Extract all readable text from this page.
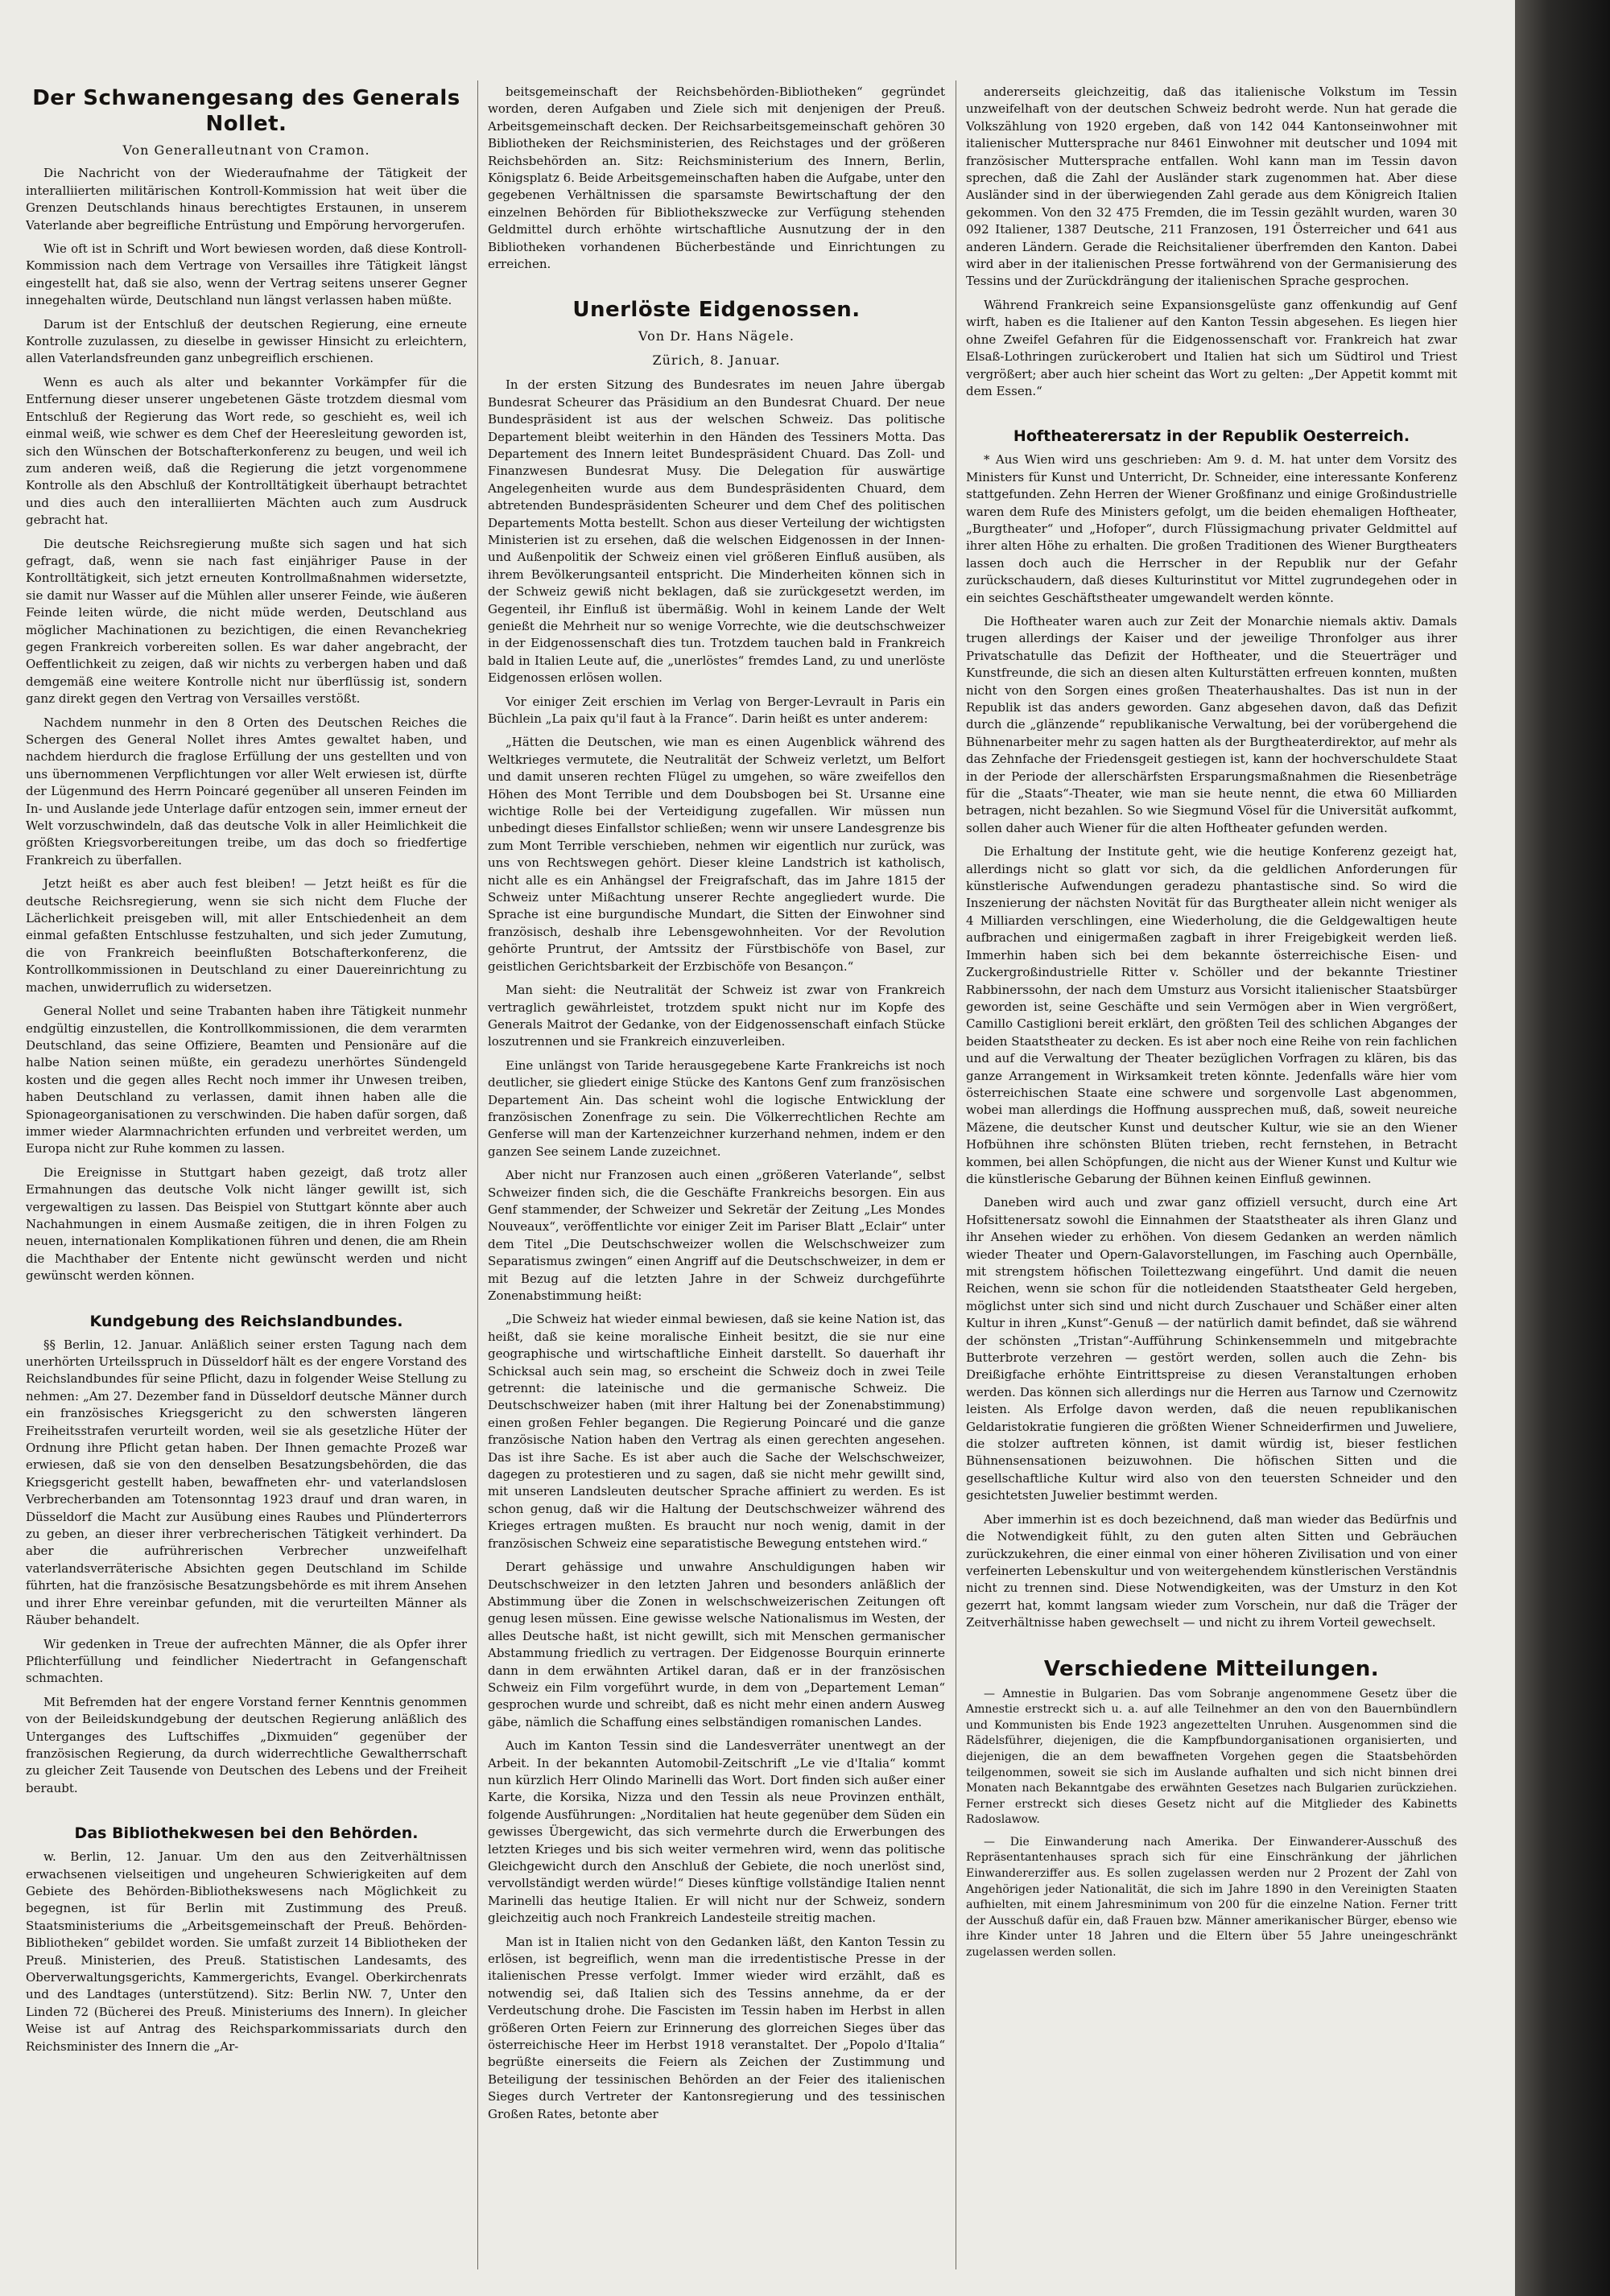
Der Schwanengesang des Generals Nollet.
Von Generalleutnant von Cramon.

Die Nachricht von der Wiederaufnahme der Tätigkeit der interalliierten militärischen Kontroll-Kommission hat weit über die Grenzen Deutschlands hinaus berechtigtes Erstaunen, in unserem Vaterlande aber begreifliche Entrüstung und Empörung hervorgerufen.

Wie oft ist in Schrift und Wort bewiesen worden, daß diese Kontroll-Kommission nach dem Vertrage von Versailles ihre Tätigkeit längst eingestellt hat, daß sie also, wenn der Vertrag seitens unserer Gegner innegehalten würde, Deutschland nun längst verlassen haben müßte.

Darum ist der Entschluß der deutschen Regierung, eine erneute Kontrolle zuzulassen, zu dieselbe in gewisser Hinsicht zu erleichtern, allen Vaterlandsfreunden ganz unbegreiflich erschienen.

Wenn es auch als alter und bekannter Vorkämpfer für die Entfernung dieser unserer ungebetenen Gäste trotzdem diesmal vom Entschluß der Regierung das Wort rede, so geschieht es, weil ich einmal weiß, wie schwer es dem Chef der Heeresleitung geworden ist, sich den Wünschen der Botschafterkonferenz zu beugen, und weil ich zum anderen weiß, daß die Regierung die jetzt vorgenommene Kontrolle als den Abschluß der Kontrolltätigkeit überhaupt betrachtet und dies auch den interalliierten Mächten auch zum Ausdruck gebracht hat.

Die deutsche Reichsregierung mußte sich sagen und hat sich gefragt, daß, wenn sie nach fast einjähriger Pause in der Kontrolltätigkeit, sich jetzt erneuten Kontrollmaßnahmen widersetzte, sie damit nur Wasser auf die Mühlen aller unserer Feinde, wie äußeren Feinde leiten würde, die nicht müde werden, Deutschland aus möglicher Machinationen zu bezichtigen, die einen Revanchekrieg gegen Frankreich vorbereiten sollen. Es war daher angebracht, der Oeffentlichkeit zu zeigen, daß wir nichts zu verbergen haben und daß demgemäß eine weitere Kontrolle nicht nur überflüssig ist, sondern ganz direkt gegen den Vertrag von Versailles verstößt.

Nachdem nunmehr in den 8 Orten des Deutschen Reiches die Schergen des General Nollet ihres Amtes gewaltet haben, und nachdem hierdurch die fraglose Erfüllung der uns gestellten und von uns übernommenen Verpflichtungen vor aller Welt erwiesen ist, dürfte der Lügenmund des Herrn Poincaré gegenüber all unseren Feinden im In- und Auslande jede Unterlage dafür entzogen sein, immer erneut der Welt vorzuschwindeln, daß das deutsche Volk in aller Heimlichkeit die größten Kriegsvorbereitungen treibe, um das doch so friedfertige Frankreich zu überfallen.

Jetzt heißt es aber auch fest bleiben! — Jetzt heißt es für die deutsche Reichsregierung, wenn sie sich nicht dem Fluche der Lächerlichkeit preisgeben will, mit aller Entschiedenheit an dem einmal gefaßten Entschlusse festzuhalten, und sich jeder Zumutung, die von Frankreich beeinflußten Botschafterkonferenz, die Kontrollkommissionen in Deutschland zu einer Dauereinrichtung zu machen, unwiderruflich zu widersetzen.

General Nollet und seine Trabanten haben ihre Tätigkeit nunmehr endgültig einzustellen, die Kontrollkommissionen, die dem verarmten Deutschland, das seine Offiziere, Beamten und Pensionäre auf die halbe Nation seinen müßte, ein geradezu unerhörtes Sündengeld kosten und die gegen alles Recht noch immer ihr Unwesen treiben, haben Deutschland zu verlassen, damit ihnen haben alle die Spionageorganisationen zu verschwinden. Die haben dafür sorgen, daß immer wieder Alarmnachrichten erfunden und verbreitet werden, um Europa nicht zur Ruhe kommen zu lassen.

Die Ereignisse in Stuttgart haben gezeigt, daß trotz aller Ermahnungen das deutsche Volk nicht länger gewillt ist, sich vergewaltigen zu lassen. Das Beispiel von Stuttgart könnte aber auch Nachahmungen in einem Ausmaße zeitigen, die in ihren Folgen zu neuen, internationalen Komplikationen führen und denen, die am Rhein die Machthaber der Entente nicht gewünscht werden und nicht gewünscht werden können.

Kundgebung des Reichslandbundes.

§§ Berlin, 12. Januar. Anläßlich seiner ersten Tagung nach dem unerhörten Urteilsspruch in Düsseldorf hält es der engere Vorstand des Reichslandbundes für seine Pflicht, dazu in folgender Weise Stellung zu nehmen: „Am 27. Dezember fand in Düsseldorf deutsche Männer durch ein französisches Kriegsgericht zu den schwersten längeren Freiheitsstrafen verurteilt worden, weil sie als gesetzliche Hüter der Ordnung ihre Pflicht getan haben. Der Ihnen gemachte Prozeß war erwiesen, daß sie von den denselben Besatzungsbehörden, die das Kriegsgericht gestellt haben, bewaffneten ehr- und vaterlandslosen Verbrecherbanden am Totensonntag 1923 drauf und dran waren, in Düsseldorf die Macht zur Ausübung eines Raubes und Plünderterrors zu geben, an dieser ihrer verbrecherischen Tätigkeit verhindert. Da aber die aufrührerischen Verbrecher unzweifelhaft vaterlandsverräterische Absichten gegen Deutschland im Schilde führten, hat die französische Besatzungsbehörde es mit ihrem Ansehen und ihrer Ehre vereinbar gefunden, mit die verurteilten Männer als Räuber behandelt.

Wir gedenken in Treue der aufrechten Männer, die als Opfer ihrer Pflichterfüllung und feindlicher Niedertracht in Gefangenschaft schmachten.

Mit Befremden hat der engere Vorstand ferner Kenntnis genommen von der Beileidskundgebung der deutschen Regierung anläßlich des Unterganges des Luftschiffes „Dixmuiden“ gegenüber der französischen Regierung, da durch widerrechtliche Gewaltherrschaft zu gleicher Zeit Tausende von Deutschen des Lebens und der Freiheit beraubt.

Das Bibliothekwesen bei den Behörden.

w. Berlin, 12. Januar. Um den aus den Zeitverhältnissen erwachsenen vielseitigen und ungeheuren Schwierigkeiten auf dem Gebiete des Behörden-Bibliothekswesens nach Möglichkeit zu begegnen, ist für Berlin mit Zustimmung des Preuß. Staatsministeriums die „Arbeitsgemeinschaft der Preuß. Behörden-Bibliotheken“ gebildet worden. Sie umfaßt zurzeit 14 Bibliotheken der Preuß. Ministerien, des Preuß. Statistischen Landesamts, des Oberverwaltungsgerichts, Kammergerichts, Evangel. Oberkirchenrats und des Landtages (unterstützend). Sitz: Berlin NW. 7, Unter den Linden 72 (Bücherei des Preuß. Ministeriums des Innern). In gleicher Weise ist auf Antrag des Reichsparkommissariats durch den Reichsminister des Innern die „Ar-

beitsgemeinschaft der Reichsbehörden-Bibliotheken“ gegründet worden, deren Aufgaben und Ziele sich mit denjenigen der Preuß. Arbeitsgemeinschaft decken. Der Reichsarbeitsgemeinschaft gehören 30 Bibliotheken der Reichsministerien, des Reichstages und der größeren Reichsbehörden an. Sitz: Reichsministerium des Innern, Berlin, Königsplatz 6. Beide Arbeitsgemeinschaften haben die Aufgabe, unter den gegebenen Verhältnissen die sparsamste Bewirtschaftung der den einzelnen Behörden für Bibliothekszwecke zur Verfügung stehenden Geldmittel durch erhöhte wirtschaftliche Ausnutzung der in den Bibliotheken vorhandenen Bücherbestände und Einrichtungen zu erreichen.

Unerlöste Eidgenossen.
Von Dr. Hans Nägele.
Zürich, 8. Januar.

In der ersten Sitzung des Bundesrates im neuen Jahre übergab Bundesrat Scheurer das Präsidium an den Bundesrat Chuard. Der neue Bundespräsident ist aus der welschen Schweiz. Das politische Departement bleibt weiterhin in den Händen des Tessiners Motta. Das Departement des Innern leitet Bundespräsident Chuard. Das Zoll- und Finanzwesen Bundesrat Musy. Die Delegation für auswärtige Angelegenheiten wurde aus dem Bundespräsidenten Chuard, dem abtretenden Bundespräsidenten Scheurer und dem Chef des politischen Departements Motta bestellt. Schon aus dieser Verteilung der wichtigsten Ministerien ist zu ersehen, daß die welschen Eidgenossen in der Innen- und Außenpolitik der Schweiz einen viel größeren Einfluß ausüben, als ihrem Bevölkerungsanteil entspricht. Die Minderheiten können sich in der Schweiz gewiß nicht beklagen, daß sie zurückgesetzt werden, im Gegenteil, ihr Einfluß ist übermäßig. Wohl in keinem Lande der Welt genießt die Mehrheit nur so wenige Vorrechte, wie die deutschschweizer in der Eidgenossenschaft dies tun. Trotzdem tauchen bald in Frankreich bald in Italien Leute auf, die „unerlöstes“ fremdes Land, zu und unerlöste Eidgenossen erlösen wollen.

Vor einiger Zeit erschien im Verlag von Berger-Levrault in Paris ein Büchlein „La paix qu'il faut à la France“. Darin heißt es unter anderem:

„Hätten die Deutschen, wie man es einen Augenblick während des Weltkrieges vermutete, die Neutralität der Schweiz verletzt, um Belfort und damit unseren rechten Flügel zu umgehen, so wäre zweifellos den Höhen des Mont Terrible und dem Doubsbogen bei St. Ursanne eine wichtige Rolle bei der Verteidigung zugefallen. Wir müssen nun unbedingt dieses Einfallstor schließen; wenn wir unsere Landesgrenze bis zum Mont Terrible verschieben, nehmen wir eigentlich nur zurück, was uns von Rechtswegen gehört. Dieser kleine Landstrich ist katholisch, nicht alle es ein Anhängsel der Freigrafschaft, das im Jahre 1815 der Schweiz unter Mißachtung unserer Rechte angegliedert wurde. Die Sprache ist eine burgundische Mundart, die Sitten der Einwohner sind französisch, deshalb ihre Lebensgewohnheiten. Vor der Revolution gehörte Pruntrut, der Amtssitz der Fürstbischöfe von Basel, zur geistlichen Gerichtsbarkeit der Erzbischöfe von Besançon.“

Man sieht: die Neutralität der Schweiz ist zwar von Frankreich vertraglich gewährleistet, trotzdem spukt nicht nur im Kopfe des Generals Maitrot der Gedanke, von der Eidgenossenschaft einfach Stücke loszutrennen und sie Frankreich einzuverleiben.

Eine unlängst von Taride herausgegebene Karte Frankreichs ist noch deutlicher, sie gliedert einige Stücke des Kantons Genf zum französischen Departement Ain. Das scheint wohl die logische Entwicklung der französischen Zonenfrage zu sein. Die Völkerrechtlichen Rechte am Genferse will man der Kartenzeichner kurzerhand nehmen, indem er den ganzen See seinem Lande zuzeichnet.

Aber nicht nur Franzosen auch einen „größeren Vaterlande“, selbst Schweizer finden sich, die die Geschäfte Frankreichs besorgen. Ein aus Genf stammender, der Schweizer und Sekretär der Zeitung „Les Mondes Nouveaux“, veröffentlichte vor einiger Zeit im Pariser Blatt „Eclair“ unter dem Titel „Die Deutschschweizer wollen die Welschschweizer zum Separatismus zwingen“ einen Angriff auf die Deutschschweizer, in dem er mit Bezug auf die letzten Jahre in der Schweiz durchgeführte Zonenabstimmung heißt:

„Die Schweiz hat wieder einmal bewiesen, daß sie keine Nation ist, das heißt, daß sie keine moralische Einheit besitzt, die sie nur eine geographische und wirtschaftliche Einheit darstellt. So dauerhaft ihr Schicksal auch sein mag, so erscheint die Schweiz doch in zwei Teile getrennt: die lateinische und die germanische Schweiz. Die Deutschschweizer haben (mit ihrer Haltung bei der Zonenabstimmung) einen großen Fehler begangen. Die Regierung Poincaré und die ganze französische Nation haben den Vertrag als einen gerechten angesehen. Das ist ihre Sache. Es ist aber auch die Sache der Welschschweizer, dagegen zu protestieren und zu sagen, daß sie nicht mehr gewillt sind, mit unseren Landsleuten deutscher Sprache affiniert zu werden. Es ist schon genug, daß wir die Haltung der Deutschschweizer während des Krieges ertragen mußten. Es braucht nur noch wenig, damit in der französischen Schweiz eine separatistische Bewegung entstehen wird.“

Derart gehässige und unwahre Anschuldigungen haben wir Deutschschweizer in den letzten Jahren und besonders anläßlich der Abstimmung über die Zonen in welschschweizerischen Zeitungen oft genug lesen müssen. Eine gewisse welsche Nationalismus im Westen, der alles Deutsche haßt, ist nicht gewillt, sich mit Menschen germanischer Abstammung friedlich zu vertragen. Der Eidgenosse Bourquin erinnerte dann in dem erwähnten Artikel daran, daß er in der französischen Schweiz ein Film vorgeführt wurde, in dem von „Departement Leman“ gesprochen wurde und schreibt, daß es nicht mehr einen andern Ausweg gäbe, nämlich die Schaffung eines selbständigen romanischen Landes.

Auch im Kanton Tessin sind die Landesverräter unentwegt an der Arbeit. In der bekannten Automobil-Zeitschrift „Le vie d'Italia“ kommt nun kürzlich Herr Olindo Marinelli das Wort. Dort finden sich außer einer Karte, die Korsika, Nizza und den Tessin als neue Provinzen enthält, folgende Ausführungen: „Norditalien hat heute gegenüber dem Süden ein gewisses Übergewicht, das sich vermehrte durch die Erwerbungen des letzten Krieges und bis sich weiter vermehren wird, wenn das politische Gleichgewicht durch den Anschluß der Gebiete, die noch unerlöst sind, vervollständigt werden würde!“ Dieses künftige vollständige Italien nennt Marinelli das heutige Italien. Er will nicht nur der Schweiz, sondern gleichzeitig auch noch Frankreich Landesteile streitig machen.

Man ist in Italien nicht von den Gedanken läßt, den Kanton Tessin zu erlösen, ist begreiflich, wenn man die irredentistische Presse in der italienischen Presse verfolgt. Immer wieder wird erzählt, daß es notwendig sei, daß Italien sich des Tessins annehme, da er der Verdeutschung drohe. Die Fascisten im Tessin haben im Herbst in allen größeren Orten Feiern zur Erinnerung des glorreichen Sieges über das österreichische Heer im Herbst 1918 veranstaltet. Der „Popolo d'Italia“ begrüßte einerseits die Feiern als Zeichen der Zustimmung und Beteiligung der tessinischen Behörden an der Feier des italienischen Sieges durch Vertreter der Kantonsregierung und des tessinischen Großen Rates, betonte aber

andererseits gleichzeitig, daß das italienische Volkstum im Tessin unzweifelhaft von der deutschen Schweiz bedroht werde. Nun hat gerade die Volkszählung von 1920 ergeben, daß von 142 044 Kantonseinwohner mit italienischer Muttersprache nur 8461 Einwohner mit deutscher und 1094 mit französischer Muttersprache entfallen. Wohl kann man im Tessin davon sprechen, daß die Zahl der Ausländer stark zugenommen hat. Aber diese Ausländer sind in der überwiegenden Zahl gerade aus dem Königreich Italien gekommen. Von den 32 475 Fremden, die im Tessin gezählt wurden, waren 30 092 Italiener, 1387 Deutsche, 211 Franzosen, 191 Österreicher und 641 aus anderen Ländern. Gerade die Reichsitaliener überfremden den Kanton. Dabei wird aber in der italienischen Presse fortwährend von der Germanisierung des Tessins und der Zurückdrängung der italienischen Sprache gesprochen.

Während Frankreich seine Expansionsgelüste ganz offenkundig auf Genf wirft, haben es die Italiener auf den Kanton Tessin abgesehen. Es liegen hier ohne Zweifel Gefahren für die Eidgenossenschaft vor. Frankreich hat zwar Elsaß-Lothringen zurückerobert und Italien hat sich um Südtirol und Triest vergrößert; aber auch hier scheint das Wort zu gelten: „Der Appetit kommt mit dem Essen.“

Hoftheaterersatz in der Republik Oesterreich.

* Aus Wien wird uns geschrieben: Am 9. d. M. hat unter dem Vorsitz des Ministers für Kunst und Unterricht, Dr. Schneider, eine interessante Konferenz stattgefunden. Zehn Herren der Wiener Großfinanz und einige Großindustrielle waren dem Rufe des Ministers gefolgt, um die beiden ehemaligen Hoftheater, „Burgtheater“ und „Hofoper“, durch Flüssigmachung privater Geldmittel auf ihrer alten Höhe zu erhalten. Die großen Traditionen des Wiener Burgtheaters lassen doch auch die Herrscher in der Republik nur der Gefahr zurückschaudern, daß dieses Kulturinstitut vor Mittel zugrundegehen oder in ein seichtes Geschäftstheater umgewandelt werden könnte.

Die Hoftheater waren auch zur Zeit der Monarchie niemals aktiv. Damals trugen allerdings der Kaiser und der jeweilige Thronfolger aus ihrer Privatschatulle das Defizit der Hoftheater, und die Steuerträger und Kunstfreunde, die sich an diesen alten Kulturstätten erfreuen konnten, mußten nicht von den Sorgen eines großen Theaterhaushaltes. Das ist nun in der Republik ist das anders geworden. Ganz abgesehen davon, daß das Defizit durch die „glänzende“ republikanische Verwaltung, bei der vorübergehend die Bühnenarbeiter mehr zu sagen hatten als der Burgtheaterdirektor, auf mehr als das Zehnfache der Friedensgeit gestiegen ist, kann der hochverschuldete Staat in der Periode der allerschärfsten Ersparungsmaßnahmen die Riesenbeträge für die „Staats“-Theater, wie man sie heute nennt, die etwa 60 Milliarden betragen, nicht bezahlen. So wie Siegmund Vösel für die Universität aufkommt, sollen daher auch Wiener für die alten Hoftheater gefunden werden.

Die Erhaltung der Institute geht, wie die heutige Konferenz gezeigt hat, allerdings nicht so glatt vor sich, da die geldlichen Anforderungen für künstlerische Aufwendungen geradezu phantastische sind. So wird die Inszenierung der nächsten Novität für das Burgtheater allein nicht weniger als 4 Milliarden verschlingen, eine Wiederholung, die die Geldgewaltigen heute aufbrachen und einigermaßen zagbaft in ihrer Freigebigkeit werden ließ. Immerhin haben sich bei dem bekannte österreichische Eisen- und Zuckergroßindustrielle Ritter v. Schöller und der bekannte Triestiner Rabbinerssohn, der nach dem Umsturz aus Vorsicht italienischer Staatsbürger geworden ist, seine Geschäfte und sein Vermögen aber in Wien vergrößert, Camillo Castiglioni bereit erklärt, den größten Teil des schlichen Abganges der beiden Staatstheater zu decken. Es ist aber noch eine Reihe von rein fachlichen und auf die Verwaltung der Theater bezüglichen Vorfragen zu klären, bis das ganze Arrangement in Wirksamkeit treten könnte. Jedenfalls wäre hier vom österreichischen Staate eine schwere und sorgenvolle Last abgenommen, wobei man allerdings die Hoffnung aussprechen muß, daß, soweit neureiche Mäzene, die deutscher Kunst und deutscher Kultur, wie sie an den Wiener Hofbühnen ihre schönsten Blüten trieben, recht fernstehen, in Betracht kommen, bei allen Schöpfungen, die nicht aus der Wiener Kunst und Kultur wie die künstlerische Gebarung der Bühnen keinen Einfluß gewinnen.

Daneben wird auch und zwar ganz offiziell versucht, durch eine Art Hofsittenersatz sowohl die Einnahmen der Staatstheater als ihren Glanz und ihr Ansehen wieder zu erhöhen. Von diesem Gedanken an werden nämlich wieder Theater und Opern-Galavorstellungen, im Fasching auch Opernbälle, mit strengstem höfischen Toilettezwang eingeführt. Und damit die neuen Reichen, wenn sie schon für die notleidenden Staatstheater Geld hergeben, möglichst unter sich sind und nicht durch Zuschauer und Schäßer einer alten Kultur in ihren „Kunst“-Genuß — der natürlich damit befindet, daß sie während der schönsten „Tristan“-Aufführung Schinkensemmeln und mitgebrachte Butterbrote verzehren — gestört werden, sollen auch die Zehn- bis Dreißigfache erhöhte Eintrittspreise zu diesen Veranstaltungen erhoben werden. Das können sich allerdings nur die Herren aus Tarnow und Czernowitz leisten. Als Erfolge davon werden, daß die neuen republikanischen Geldaristokratie fungieren die größten Wiener Schneiderfirmen und Juweliere, die stolzer auftreten können, ist damit würdig ist, bieser festlichen Bühnensensationen beizuwohnen. Die höfischen Sitten und die gesellschaftliche Kultur wird also von den teuersten Schneider und den gesichtetsten Juwelier bestimmt werden.

Aber immerhin ist es doch bezeichnend, daß man wieder das Bedürfnis und die Notwendigkeit fühlt, zu den guten alten Sitten und Gebräuchen zurückzukehren, die einer einmal von einer höheren Zivilisation und von einer verfeinerten Lebenskultur und von weitergehendem künstlerischen Verständnis nicht zu trennen sind. Diese Notwendigkeiten, was der Umsturz in den Kot gezerrt hat, kommt langsam wieder zum Vorschein, nur daß die Träger der Zeitverhältnisse haben gewechselt — und nicht zu ihrem Vorteil gewechselt.

Verschiedene Mitteilungen.

— Amnestie in Bulgarien. Das vom Sobranje angenommene Gesetz über die Amnestie erstreckt sich u. a. auf alle Teilnehmer an den von den Bauernbündlern und Kommunisten bis Ende 1923 angezettelten Unruhen. Ausgenommen sind die Rädelsführer, diejenigen, die die Kampfbundorganisationen organisierten, und diejenigen, die an dem bewaffneten Vorgehen gegen die Staatsbehörden teilgenommen, soweit sie sich im Auslande aufhalten und sich nicht binnen drei Monaten nach Bekanntgabe des erwähnten Gesetzes nach Bulgarien zurückziehen. Ferner erstreckt sich dieses Gesetz nicht auf die Mitglieder des Kabinetts Radoslawow.

— Die Einwanderung nach Amerika. Der Einwanderer-Ausschuß des Repräsentantenhauses sprach sich für eine Einschränkung der jährlichen Einwandererziffer aus. Es sollen zugelassen werden nur 2 Prozent der Zahl von Angehörigen jeder Nationalität, die sich im Jahre 1890 in den Vereinigten Staaten aufhielten, mit einem Jahresminimum von 200 für die einzelne Nation. Ferner tritt der Ausschuß dafür ein, daß Frauen bzw. Männer amerikanischer Bürger, ebenso wie ihre Kinder unter 18 Jahren und die Eltern über 55 Jahre uneingeschränkt zugelassen werden sollen.
